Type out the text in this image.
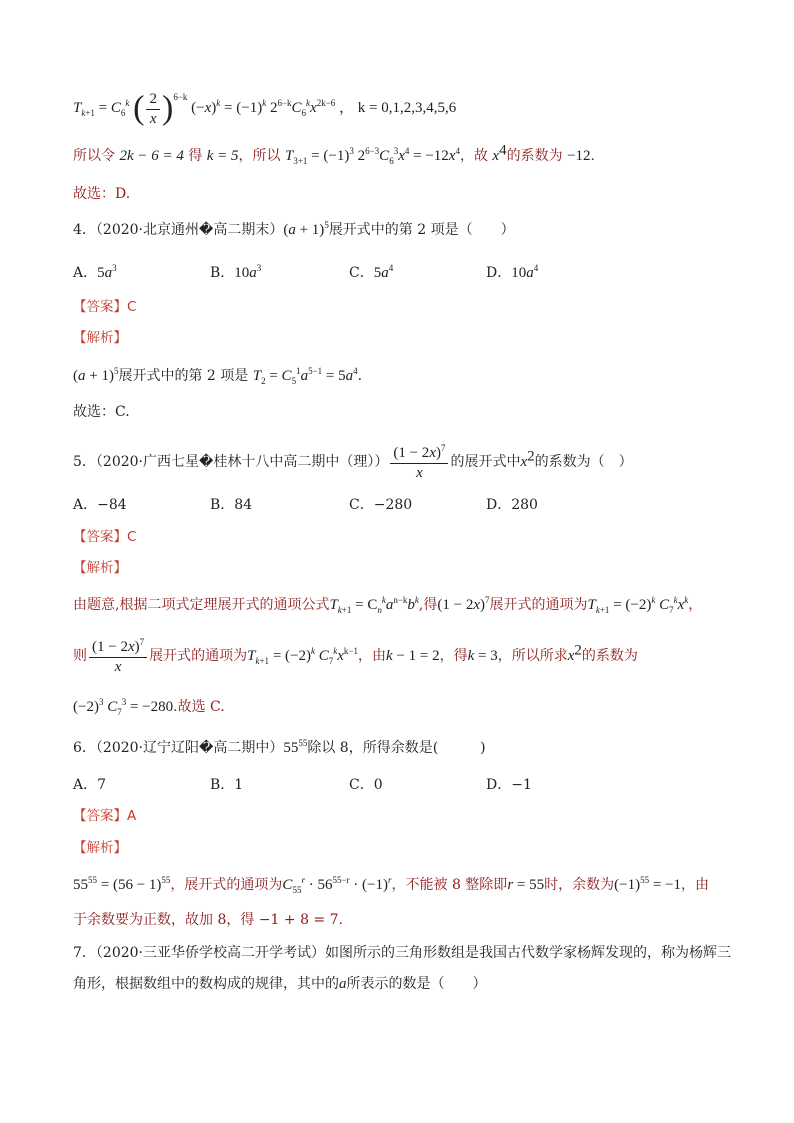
$T_{k+1} = C_6^k$ ( $\frac{2}{x} )^{6-k}$ $(-x)^k = (-1)^k$ $2^{6-k}C_6^kx^{2k-6}$ ， k = 0,1,2,3,4,5,6
所以令 2k − 6 = 4 得 k = 5，所以 $T_{3+1} = (-1)^3$ $2^{6-3}C_6^3x^4 = -12x^4$，故 $x^4$的系数为 −12.
故选：D.
4．（2020·北京通州�高二期末）$(a + 1)^5$展开式中的第 2 项是（　　）
A．$5a^3$	B．$10a^3$	C．$5a^4$	D．$10a^4$
【答案】C
【解析】
$(a + 1)^5$展开式中的第 2 项是 $T_2 = C_5^1a^{5-1} = 5a^4$.
故选：C.
5．（2020·广西七星�桂林十八中高二期中（理）） $\frac{(1 - 2x)^7}{x}$ 的展开式中$x^2$的系数为（　）
A．−84	B．84	C．−280	D．280
【答案】C
【解析】
由题意,根据二项式定理展开式的通项公式$T_{k+1} = C_n^ka^{n-k}b^k$,得$(1 - 2x)^7$展开式的通项为$T_{k+1} = (-2)^k$ $C_7^kx^k$，
则 $\frac{(1 - 2x)^7}{x}$ 展开式的通项为$T_{k+1} = (-2)^k$ $C_7^kx^{k-1}$，由k − 1 = 2，得k = 3，所以所求$x^2$的系数为
$(-2)^3$ $C_7^3 = -280$.故选 C.
6．（2020·辽宁辽阳�高二期中）$55^{55}$除以 8，所得余数是(　　　)
A．7	B．1	C．0	D．−1
【答案】A
【解析】
$55^{55} = (56 - 1)^{55}$，展开式的通项为$C_{55}^r \cdot 56^{55-r} \cdot (-1)^r$，不能被 8 整除即r = 55时，余数为$(-1)^{55} = -1$，由
于余数要为正数，故加 8，得 −1 + 8 = 7.
7．（2020·三亚华侨学校高二开学考试）如图所示的三角形数组是我国古代数学家杨辉发现的，称为杨辉三
角形，根据数组中的数构成的规律，其中的a所表示的数是（　　）
